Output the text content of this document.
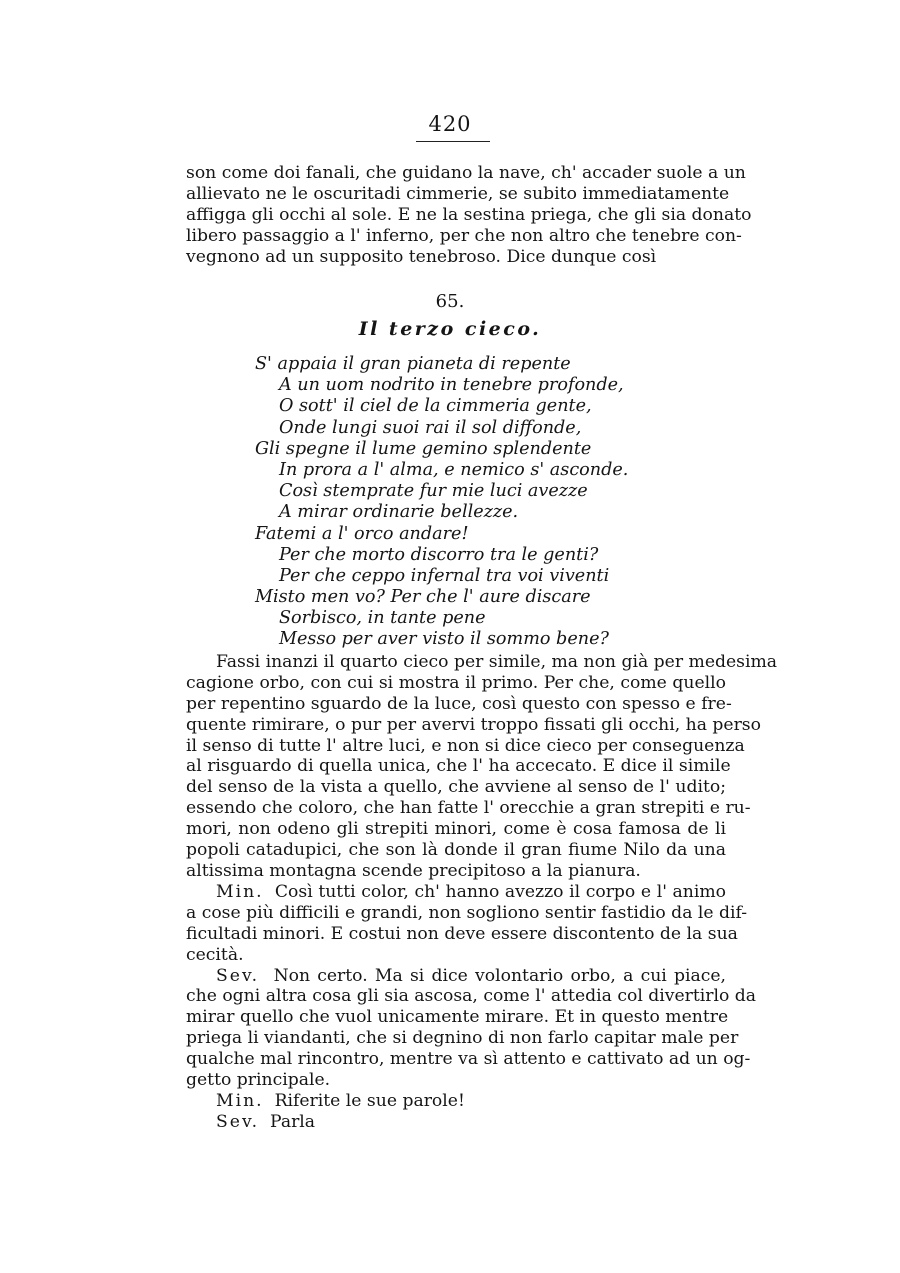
420
son come doi fanali, che guidano la nave, ch' accader suole a un
allievato ne le oscuritadi cimmerie, se subito immediatamente
affigga gli occhi al sole. E ne la sestina priega, che gli sia donato
libero passaggio a l' inferno, per che non altro che tenebre con-
vegnono ad un supposito tenebroso. Dice dunque così
65.
Il terzo cieco.
S' appaia il gran pianeta di repente
A un uom nodrito in tenebre profonde,
O sott' il ciel de la cimmeria gente,
Onde lungi suoi rai il sol diffonde,
Gli spegne il lume gemino splendente
In prora a l' alma, e nemico s' asconde.
Così stemprate fur mie luci avezze
A mirar ordinarie bellezze.
Fatemi a l' orco andare!
Per che morto discorro tra le genti?
Per che ceppo infernal tra voi viventi
Misto men vo? Per che l' aure discare
Sorbisco, in tante pene
Messo per aver visto il sommo bene?
Fassi inanzi il quarto cieco per simile, ma non già per medesima
cagione orbo, con cui si mostra il primo. Per che, come quello
per repentino sguardo de la luce, così questo con spesso e fre-
quente rimirare, o pur per avervi troppo fissati gli occhi, ha perso
il senso di tutte l' altre luci, e non si dice cieco per conseguenza
al risguardo di quella unica, che l' ha accecato. E dice il simile
del senso de la vista a quello, che avviene al senso de l' udito;
essendo che coloro, che han fatte l' orecchie a gran strepiti e ru-
mori, non odeno gli strepiti minori, come è cosa famosa de li
popoli catadupici, che son là donde il gran fiume Nilo da una
altissima montagna scende precipitoso a la pianura.
Min. Così tutti color, ch' hanno avezzo il corpo e l' animo
a cose più difficili e grandi, non sogliono sentir fastidio da le dif-
ficultadi minori. E costui non deve essere discontento de la sua
cecità.
Sev. Non certo. Ma si dice volontario orbo, a cui piace,
che ogni altra cosa gli sia ascosa, come l' attedia col divertirlo da
mirar quello che vuol unicamente mirare. Et in questo mentre
priega li viandanti, che si degnino di non farlo capitar male per
qualche mal rincontro, mentre va sì attento e cattivato ad un og-
getto principale.
Min. Riferite le sue parole!
Sev. Parla
